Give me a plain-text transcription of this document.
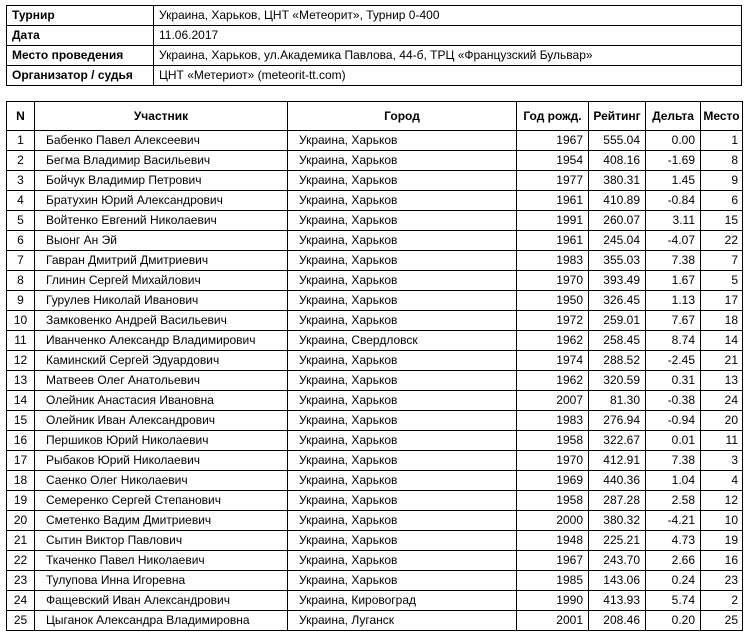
Турнир	Украина, Харьков, ЦНТ «Метеорит», Турнир 0-400
Дата	11.06.2017
Место проведения	Украина, Харьков, ул.Академика Павлова, 44-б, ТРЦ «Французский Бульвар»
Организатор / судья	ЦНТ «Метериот» (meteorit-tt.com)
N	Участник	Город	Год рожд.	Рейтинг	Дельта	Место
1	Бабенко Павел Алексеевич	Украина, Харьков	1967	555.04	0.00	1
2	Бегма Владимир Васильевич	Украина, Харьков	1954	408.16	-1.69	8
3	Бойчук Владимир Петрович	Украина, Харьков	1977	380.31	1.45	9
4	Братухин Юрий Александрович	Украина, Харьков	1961	410.89	-0.84	6
5	Войтенко Евгений Николаевич	Украина, Харьков	1991	260.07	3.11	15
6	Выонг Ан Эй	Украина, Харьков	1961	245.04	-4.07	22
7	Гавран Дмитрий Дмитриевич	Украина, Харьков	1983	355.03	7.38	7
8	Глинин Сергей Михайлович	Украина, Харьков	1970	393.49	1.67	5
9	Гурулев Николай Иванович	Украина, Харьков	1950	326.45	1.13	17
10	Замковенко Андрей Васильевич	Украина, Харьков	1972	259.01	7.67	18
11	Иванченко Александр Владимирович	Украина, Свердловск	1962	258.45	8.74	14
12	Каминский Сергей Эдуардович	Украина, Харьков	1974	288.52	-2.45	21
13	Матвеев Олег Анатольевич	Украина, Харьков	1962	320.59	0.31	13
14	Олейник Анастасия Ивановна	Украина, Харьков	2007	81.30	-0.38	24
15	Олейник Иван Александрович	Украина, Харьков	1983	276.94	-0.94	20
16	Першиков Юрий Николаевич	Украина, Харьков	1958	322.67	0.01	11
17	Рыбаков Юрий Николаевич	Украина, Харьков	1970	412.91	7.38	3
18	Саенко Олег Николаевич	Украина, Харьков	1969	440.36	1.04	4
19	Семеренко Сергей Степанович	Украина, Харьков	1958	287.28	2.58	12
20	Сметенко Вадим Дмитриевич	Украина, Харьков	2000	380.32	-4.21	10
21	Сытин Виктор Павлович	Украина, Харьков	1948	225.21	4.73	19
22	Ткаченко Павел Николаевич	Украина, Харьков	1967	243.70	2.66	16
23	Тулупова Инна Игоревна	Украина, Харьков	1985	143.06	0.24	23
24	Фащевский Иван Александрович	Украина, Кировоград	1990	413.93	5.74	2
25	Цыганок Александра Владимировна	Украина, Луганск	2001	208.46	0.20	25
